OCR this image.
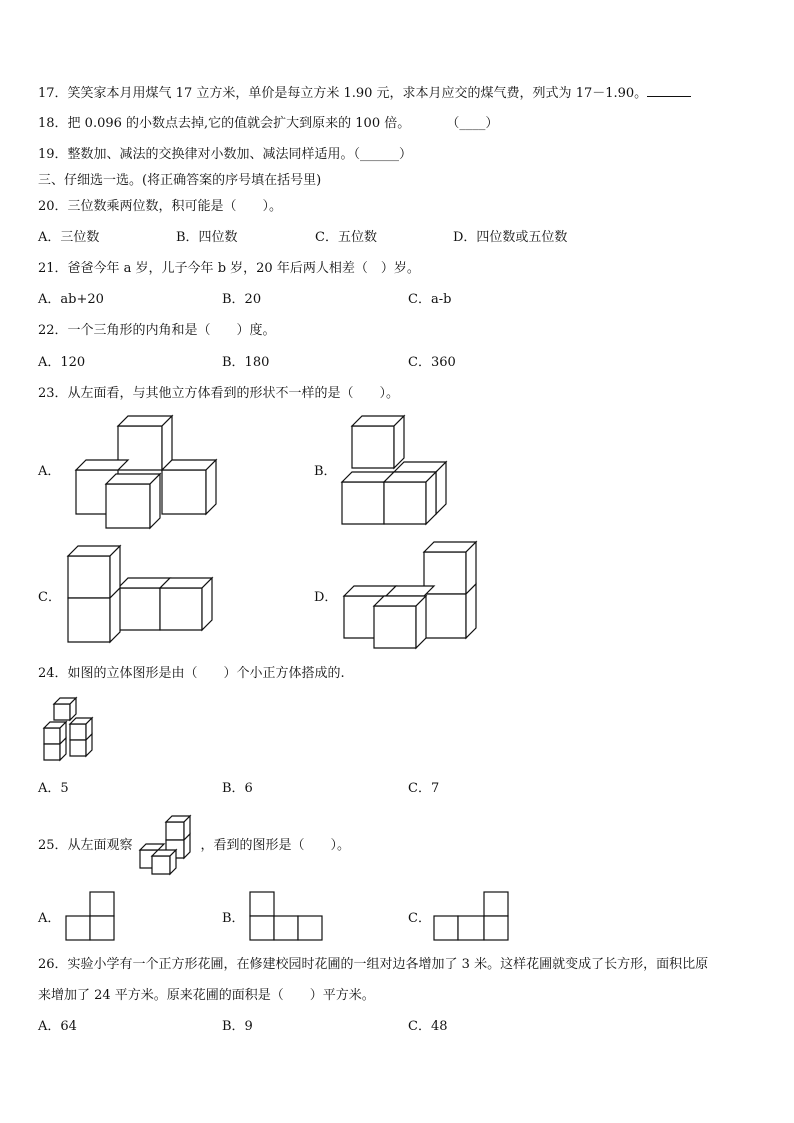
17．笑笑家本月用煤气 17 立方米，单价是每立方米 1.90 元，求本月应交的煤气费，列式为 17－1.90。
18．把 0.096 的小数点去掉,它的值就会扩大到原来的 100 倍。	（____）
19．整数加、减法的交换律对小数加、减法同样适用。（______）
三、仔细选一选。(将正确答案的序号填在括号里)
20．三位数乘两位数，积可能是（　　）。
A．三位数	B．四位数	C．五位数	D．四位数或五位数
21．爸爸今年 a 岁，儿子今年 b 岁，20 年后两人相差（　）岁。
A．ab+20	B．20	C．a-b
22．一个三角形的内角和是（　　）度。
A．120	B．180	C．360
23．从左面看，与其他立方体看到的形状不一样的是（　　）。
A．	B．
C．	D．
24．如图的立体图形是由（　　）个小正方体搭成的.
A．5	B．6	C．7
25．从左面观察	，看到的图形是（　　）。
A．	B．	C．
26．实验小学有一个正方形花圃，在修建校园时花圃的一组对边各增加了 3 米。这样花圃就变成了长方形，面积比原
来增加了 24 平方米。原来花圃的面积是（　　）平方米。
A．64	B．9	C．48
